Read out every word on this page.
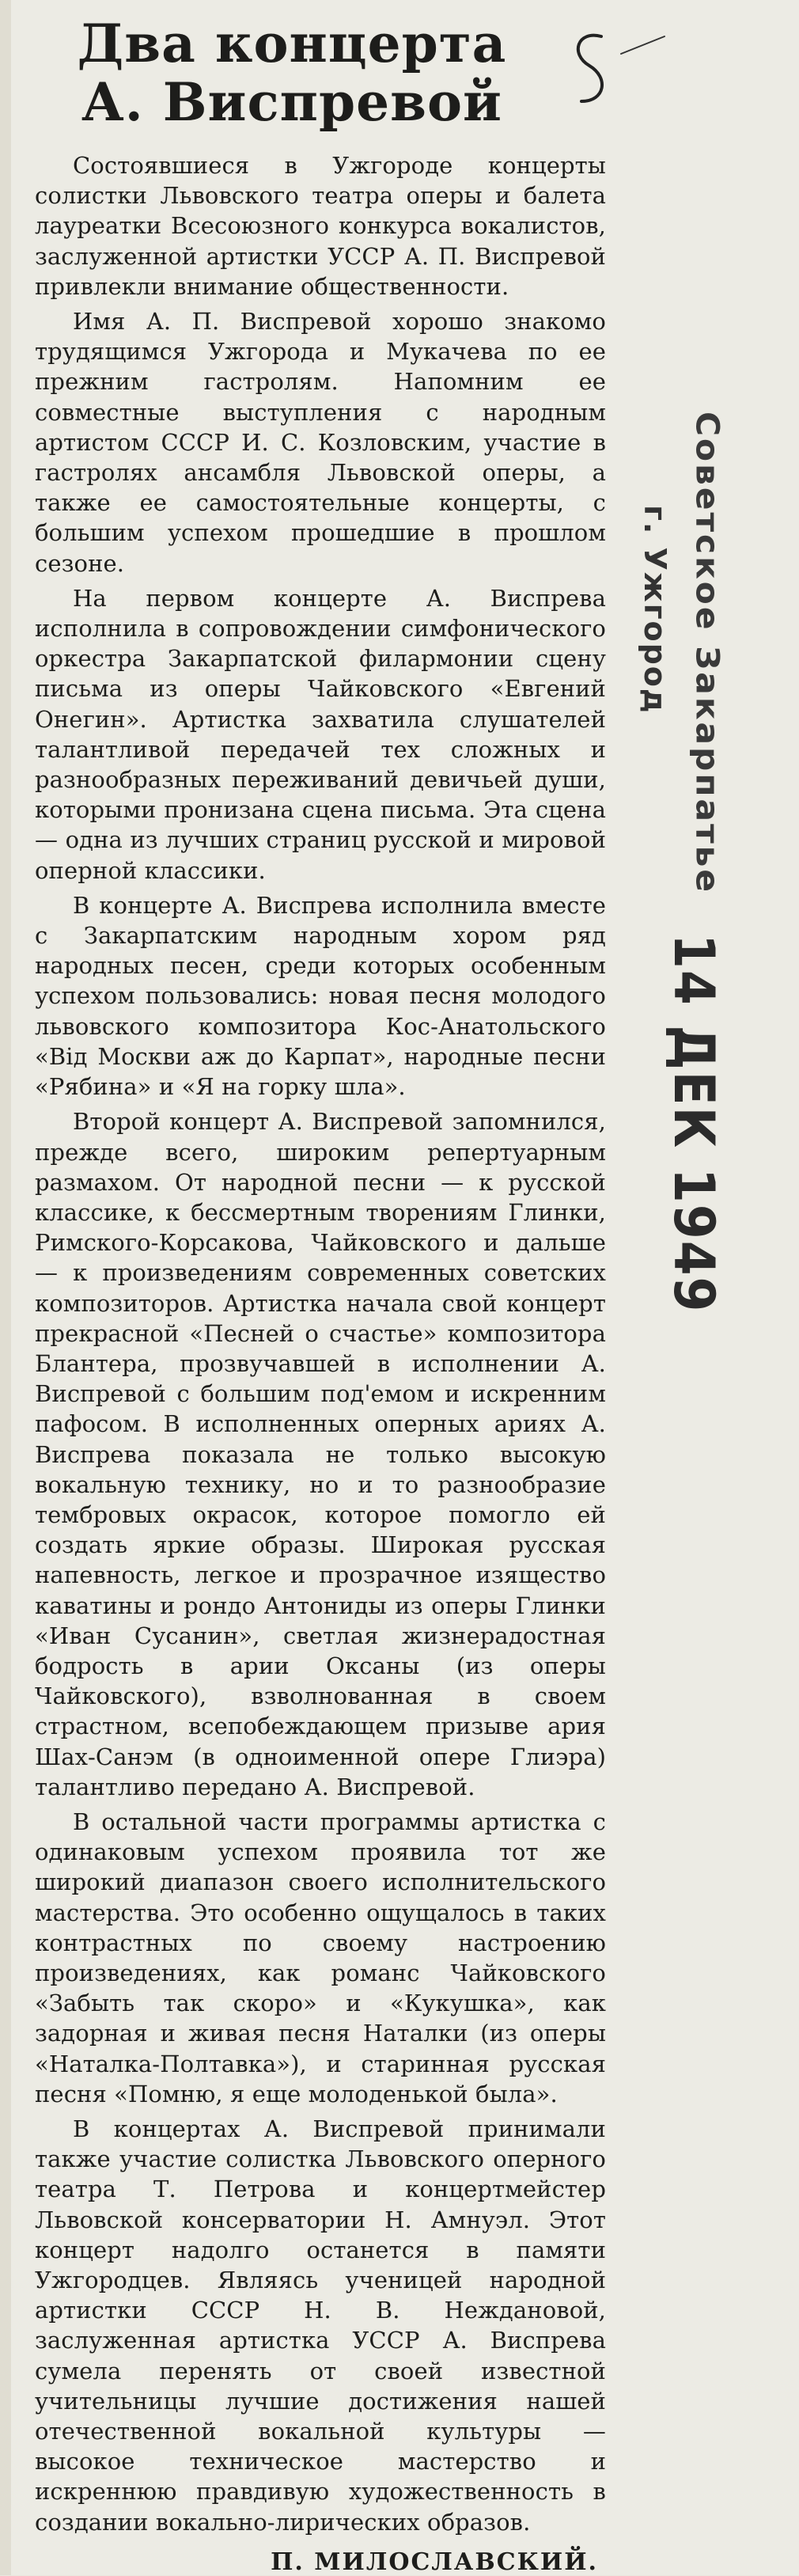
Два концерта
А. Виспревой

Состоявшиеся в Ужгороде концерты солистки Львовского театра оперы и балета лауреатки Всесоюзного конкурса вокалистов, заслуженной артистки УССР А. П. Виспревой привлекли внимание общественности.

Имя А. П. Виспревой хорошо знакомо трудящимся Ужгорода и Мукачева по ее прежним гастролям. Напомним ее совместные выступления с народным артистом СССР И. С. Козловским, участие в гастролях ансамбля Львовской оперы, а также ее самостоятельные концерты, с большим успехом прошедшие в прошлом сезоне.

На первом концерте А. Виспрева исполнила в сопровождении симфонического оркестра Закарпатской филармонии сцену письма из оперы Чайковского «Евгений Онегин». Артистка захватила слушателей талантливой передачей тех сложных и разнообразных переживаний девичьей души, которыми пронизана сцена письма. Эта сцена — одна из лучших страниц русской и мировой оперной классики.

В концерте А. Виспрева исполнила вместе с Закарпатским народным хором ряд народных песен, среди которых особенным успехом пользовались: новая песня молодого львовского композитора Кос-Анатольского «Від Москви аж до Карпат», народные песни «Рябина» и «Я на горку шла».

Второй концерт А. Виспревой запомнился, прежде всего, широким репертуарным размахом. От народной песни — к русской классике, к бессмертным творениям Глинки, Римского-Корсакова, Чайковского и дальше — к произведениям современных советских композиторов. Артистка начала свой концерт прекрасной «Песней о счастье» композитора Блантера, прозвучавшей в исполнении А. Виспревой с большим под'емом и искренним пафосом. В исполненных оперных ариях А. Виспрева показала не только высокую вокальную технику, но и то разнообразие тембровых окрасок, которое помогло ей создать яркие образы. Широкая русская напевность, легкое и прозрачное изящество каватины и рондо Антониды из оперы Глинки «Иван Сусанин», светлая жизнерадостная бодрость в арии Оксаны (из оперы Чайковского), взволнованная в своем страстном, всепобеждающем призыве ария Шах-Санэм (в одноименной опере Глиэра) талантливо передано А. Виспревой.

В остальной части программы артистка с одинаковым успехом проявила тот же широкий диапазон своего исполнительского мастерства. Это особенно ощущалось в таких контрастных по своему настроению произведениях, как романс Чайковского «Забыть так скоро» и «Кукушка», как задорная и живая песня Наталки (из оперы «Наталка-Полтавка»), и старинная русская песня «Помню, я еще молоденькой была».

В концертах А. Виспревой принимали также участие солистка Львовского оперного театра Т. Петрова и концертмейстер Львовской консерватории Н. Амнуэл. Этот концерт надолго останется в памяти Ужгородцев. Являясь ученицей народной артистки СССР Н. В. Неждановой, заслуженная артистка УССР А. Виспрева сумела перенять от своей известной учительницы лучшие достижения нашей отечественной вокальной культуры — высокое техническое мастерство и искреннюю правдивую художественность в создании вокально-лирических образов.

П. МИЛОСЛАВСКИЙ.
Советское Закарпатье
г. Ужгород
14 ДЕК 1949
